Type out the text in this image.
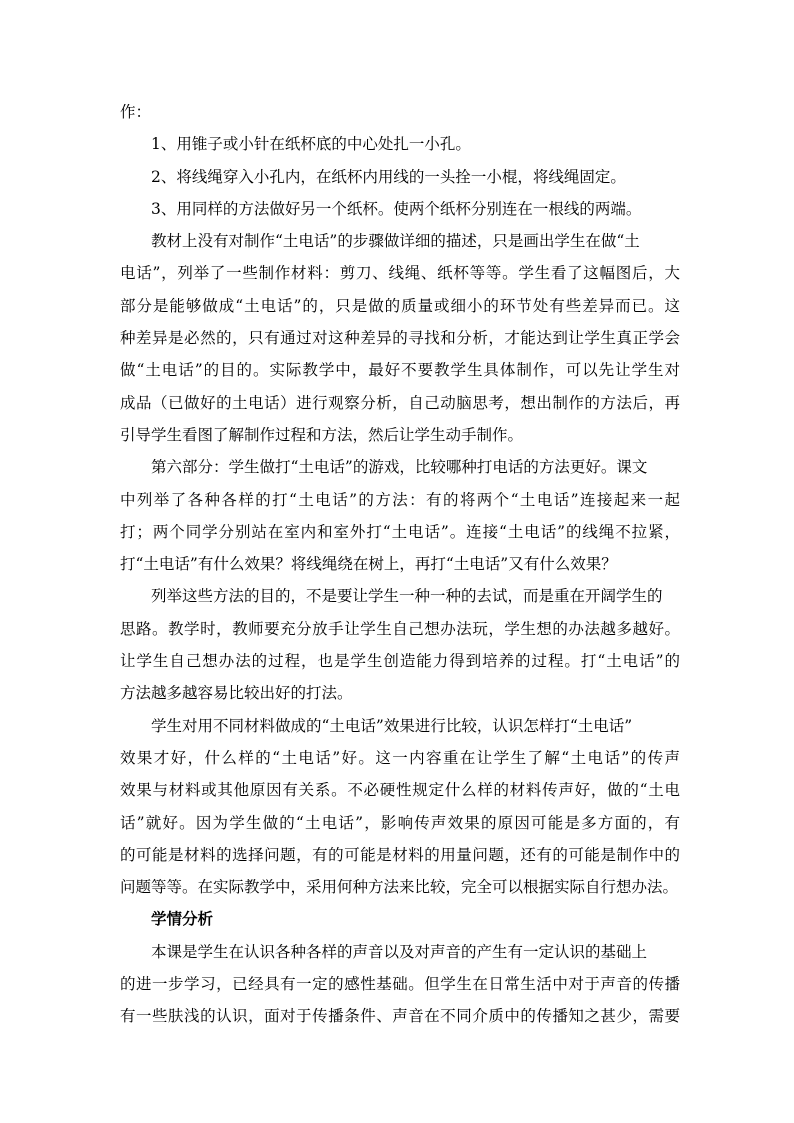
作：
1、用锥子或小针在纸杯底的中心处扎一小孔。
2、将线绳穿入小孔内，在纸杯内用线的一头拴一小棍，将线绳固定。
3、用同样的方法做好另一个纸杯。使两个纸杯分别连在一根线的两端。
教材上没有对制作“土电话”的步骤做详细的描述，只是画出学生在做“土
电话”，列举了一些制作材料：剪刀、线绳、纸杯等等。学生看了这幅图后，大
部分是能够做成“土电话”的，只是做的质量或细小的环节处有些差异而已。这
种差异是必然的，只有通过对这种差异的寻找和分析，才能达到让学生真正学会
做“土电话”的目的。实际教学中，最好不要教学生具体制作，可以先让学生对
成品（已做好的土电话）进行观察分析，自己动脑思考，想出制作的方法后，再
引导学生看图了解制作过程和方法，然后让学生动手制作。
第六部分：学生做打“土电话”的游戏，比较哪种打电话的方法更好。课文
中列举了各种各样的打“土电话”的方法：有的将两个“土电话”连接起来一起
打；两个同学分别站在室内和室外打“土电话”。连接“土电话”的线绳不拉紧，
打“土电话”有什么效果？将线绳绕在树上，再打“土电话”又有什么效果？
列举这些方法的目的，不是要让学生一种一种的去试，而是重在开阔学生的
思路。教学时，教师要充分放手让学生自己想办法玩，学生想的办法越多越好。
让学生自己想办法的过程，也是学生创造能力得到培养的过程。打“土电话”的
方法越多越容易比较出好的打法。
学生对用不同材料做成的“土电话”效果进行比较，认识怎样打“土电话”
效果才好，什么样的“土电话”好。这一内容重在让学生了解“土电话”的传声
效果与材料或其他原因有关系。不必硬性规定什么样的材料传声好，做的“土电
话”就好。因为学生做的“土电话”，影响传声效果的原因可能是多方面的，有
的可能是材料的选择问题，有的可能是材料的用量问题，还有的可能是制作中的
问题等等。在实际教学中，采用何种方法来比较，完全可以根据实际自行想办法。
学情分析
本课是学生在认识各种各样的声音以及对声音的产生有一定认识的基础上
的进一步学习，已经具有一定的感性基础。但学生在日常生活中对于声音的传播
有一些肤浅的认识，面对于传播条件、声音在不同介质中的传播知之甚少，需要
